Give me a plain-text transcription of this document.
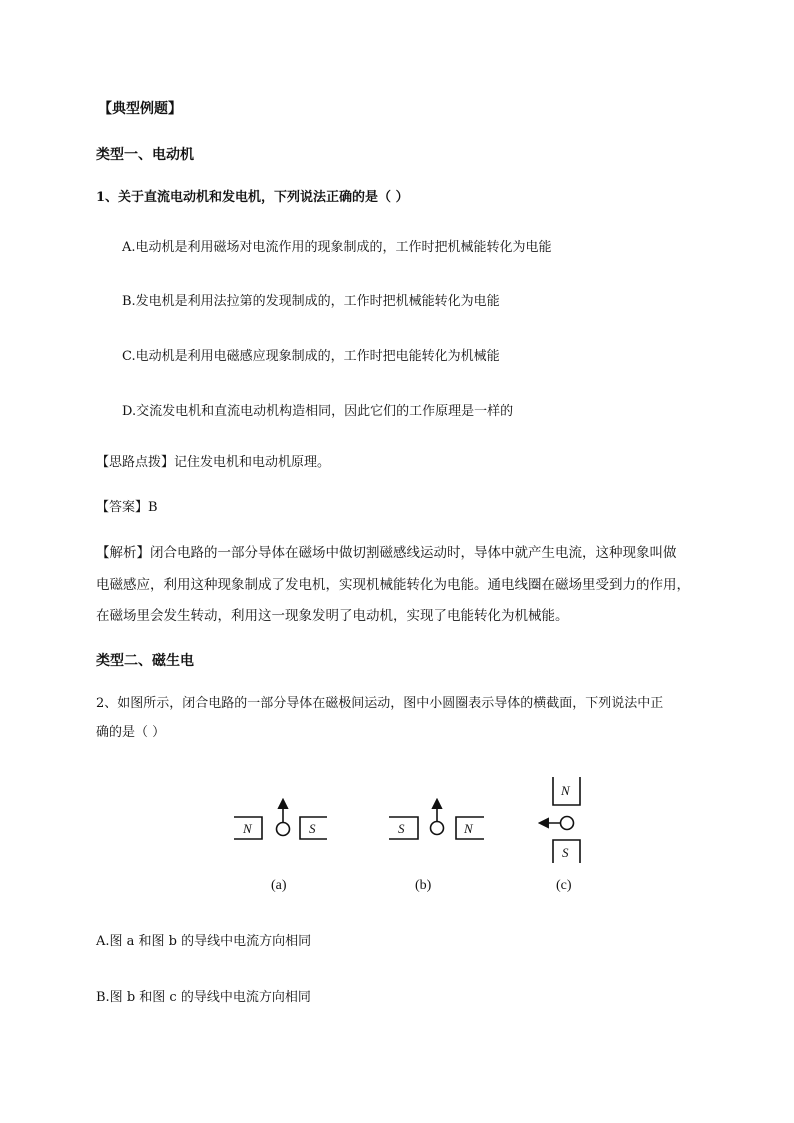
【典型例题】
类型一、电动机
1、关于直流电动机和发电机，下列说法正确的是（ ）
A.电动机是利用磁场对电流作用的现象制成的，工作时把机械能转化为电能
B.发电机是利用法拉第的发现制成的，工作时把机械能转化为电能
C.电动机是利用电磁感应现象制成的，工作时把电能转化为机械能
D.交流发电机和直流电动机构造相同，因此它们的工作原理是一样的
【思路点拨】记住发电机和电动机原理。
【答案】B
【解析】闭合电路的一部分导体在磁场中做切割磁感线运动时，导体中就产生电流，这种现象叫做
电磁感应，利用这种现象制成了发电机，实现机械能转化为电能。通电线圈在磁场里受到力的作用，
在磁场里会发生转动，利用这一现象发明了电动机，实现了电能转化为机械能。
类型二、磁生电
2、如图所示，闭合电路的一部分导体在磁极间运动，图中小圆圈表示导体的横截面，下列说法中正
确的是（ ）
N	S	S	N
N
S
(a)	(b)	(c)
A.图 a 和图 b 的导线中电流方向相同
B.图 b 和图 c 的导线中电流方向相同
